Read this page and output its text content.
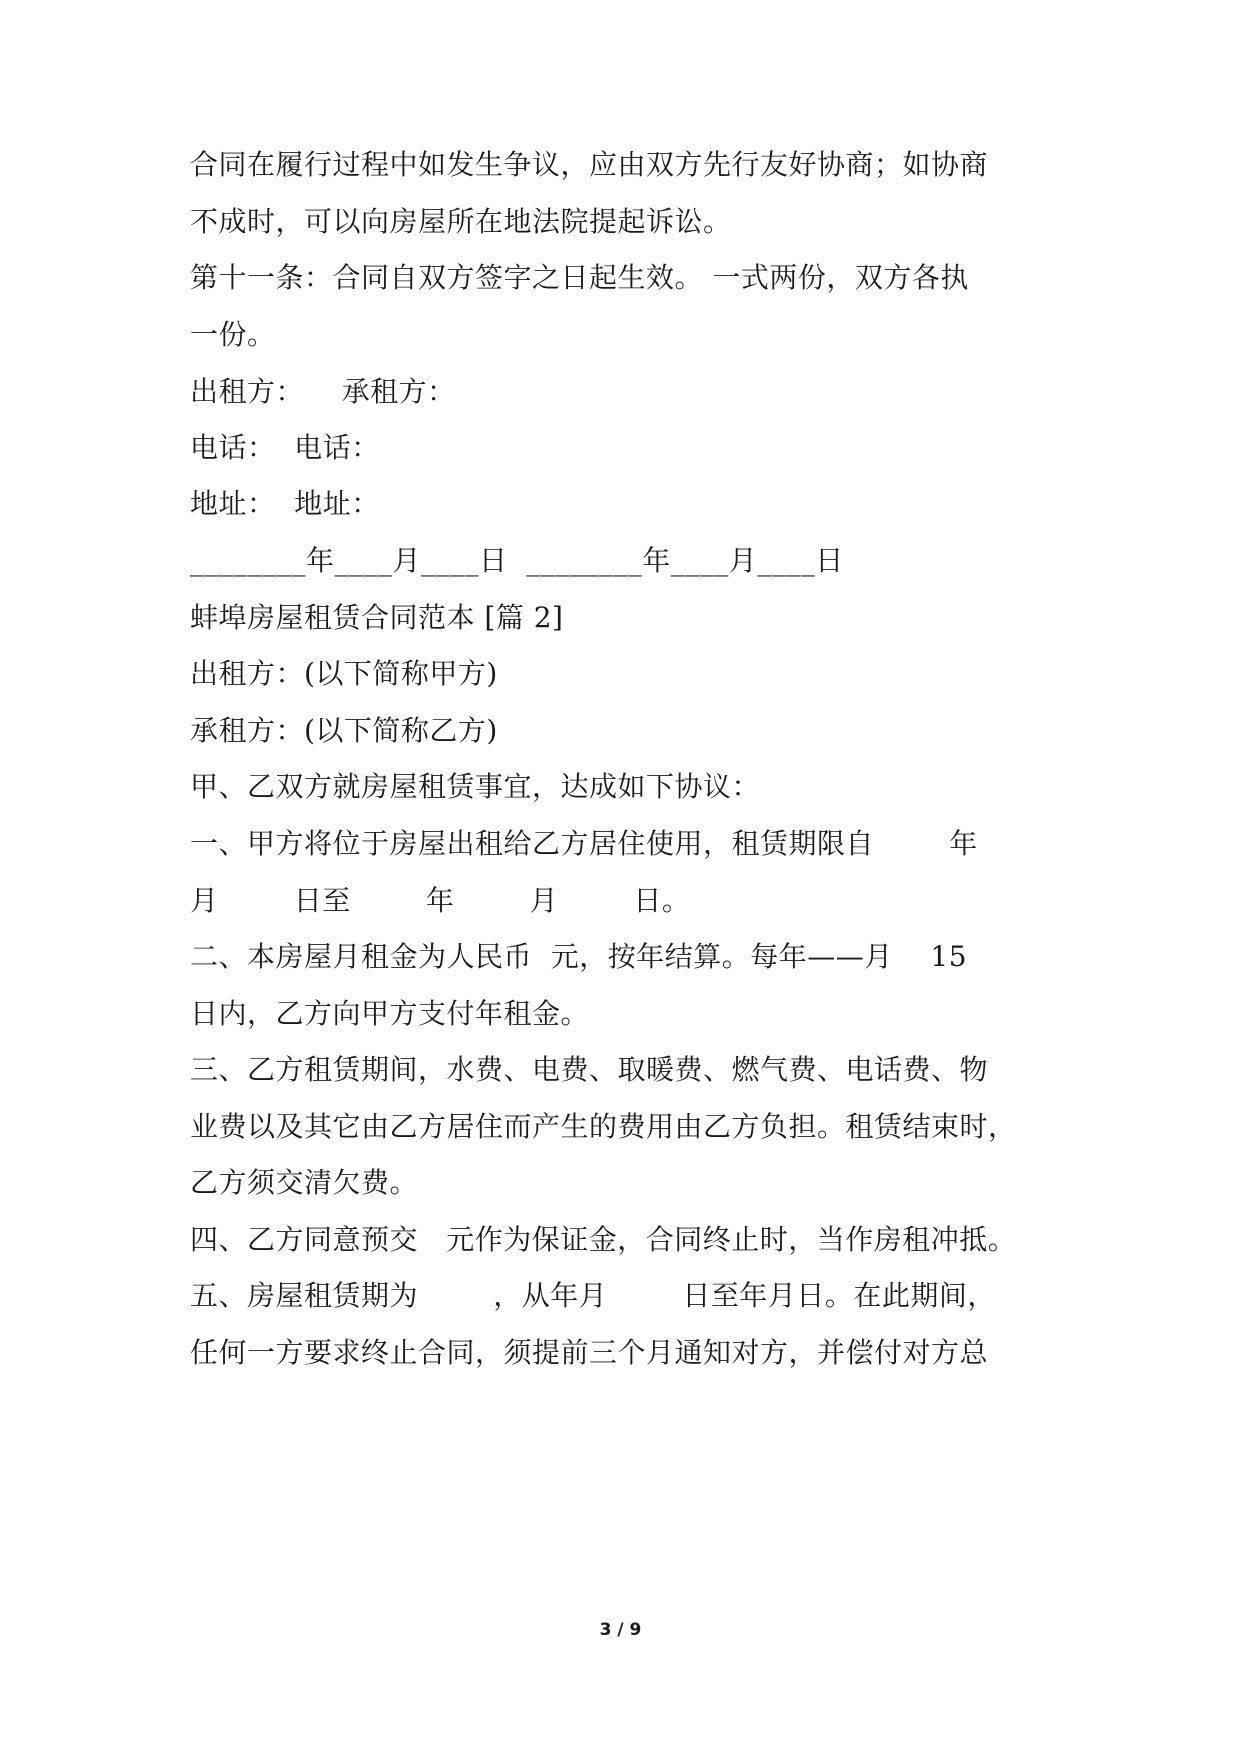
合同在履行过程中如发生争议，应由双方先行友好协商；如协商
不成时，可以向房屋所在地法院提起诉讼。
第十一条：合同自双方签字之日起生效。 一式两份，双方各执
一份。
出租方：    承租方：
电话：  电话：
地址：  地址：
________年____月____日  ________年____月____日
蚌埠房屋租赁合同范本 [篇 2]
出租方：(以下简称甲方)
承租方：(以下简称乙方)
甲、乙双方就房屋租赁事宜，达成如下协议：
一、甲方将位于房屋出租给乙方居住使用，租赁期限自        年
月        日至        年        月        日。
二、本房屋月租金为人民币  元，按年结算。每年——月    15
日内，乙方向甲方支付年租金。
三、乙方租赁期间，水费、电费、取暖费、燃气费、电话费、物
业费以及其它由乙方居住而产生的费用由乙方负担。租赁结束时，
乙方须交清欠费。
四、乙方同意预交   元作为保证金，合同终止时，当作房租冲抵。
五、房屋租赁期为        ，从年月        日至年月日。在此期间，
任何一方要求终止合同，须提前三个月通知对方，并偿付对方总
3 / 9
